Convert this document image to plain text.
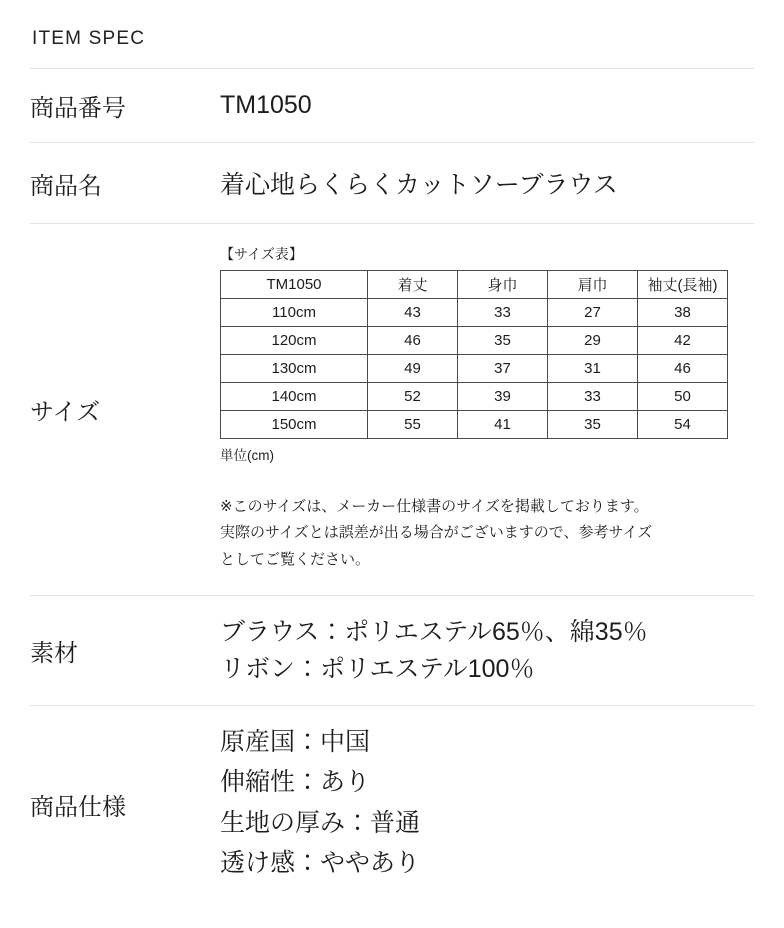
ITEM SPEC
商品番号	TM1050
商品名	着心地らくらくカットソーブラウス
サイズ	
【サイズ表】
TM1050	着丈	身巾	肩巾	袖丈(長袖)
110cm	43	33	27	38
120cm	46	35	29	42
130cm	49	37	31	46
140cm	52	39	33	50
150cm	55	41	35	54
単位(cm)
※このサイズは、メーカー仕様書のサイズを掲載しております。
実際のサイズとは誤差が出る場合がございますので、参考サイズ
としてご覧ください。

素材	
ブラウス：ポリエステル65％、綿35％
リボン：ポリエステル100％

商品仕様	
原産国：中国
伸縮性：あり
生地の厚み：普通
透け感：ややあり
